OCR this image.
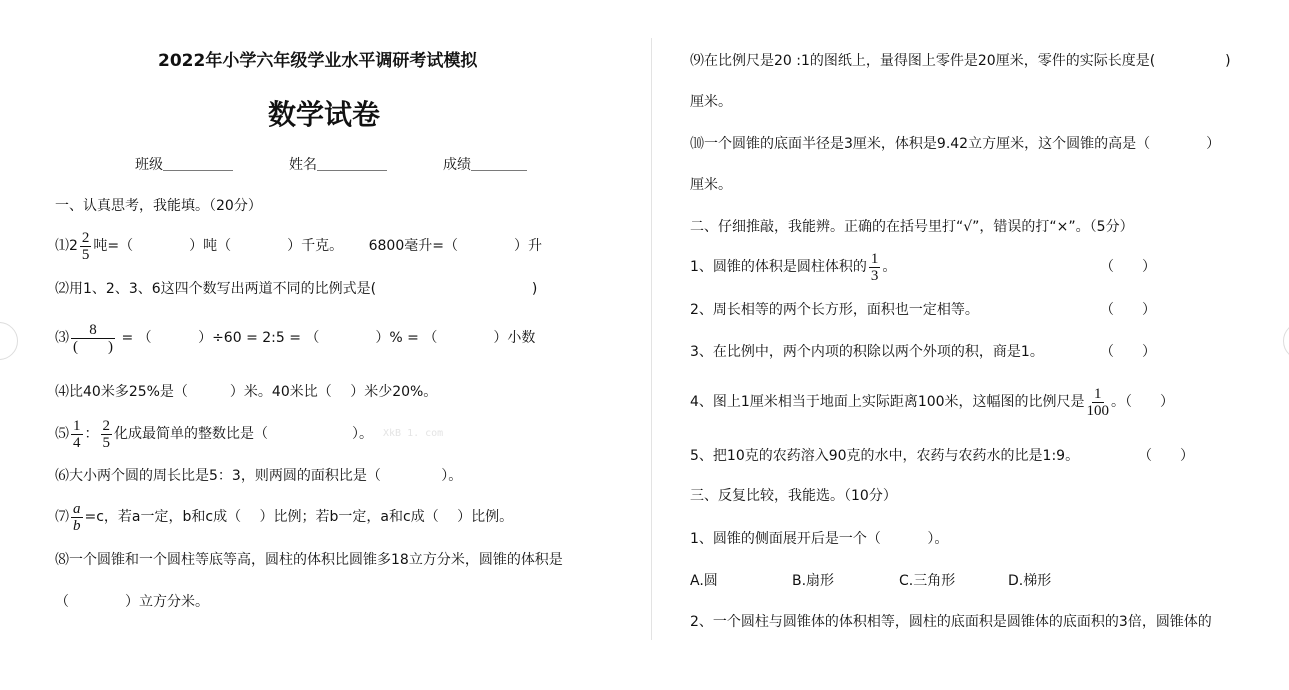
2022年小学六年级学业水平调研考试模拟
数学试卷
班级＿＿＿＿＿	姓名＿＿＿＿＿	成绩＿＿＿＿
一、认真思考，我能填。（20分）
⑴2 $\frac{2}{5}$ 吨=（　　　　）吨（　　　　）千克。　　 6800毫升=（　　　　）升
⑵用1、2、3、6这四个数写出两道不同的比例式是(                                   )
⑶
8
(　　)
= （　　　 ）÷60 = 2:5 = （　　　　）% = （　　　　）小数
⑷比40米多25%是（　　　）米。40米比（　 ）米少20%。
⑸ $\frac{1}{4}$ ： $\frac{2}{5}$ 化成最简单的整数比是（　　　　　　）。 XkB 1. com
⑹大小两个圆的周长比是5：3，则两圆的面积比是（　　　　 ）。
⑺ $\frac{a}{b} =c$，若a一定，b和c成（　 ）比例；若b一定，a和c成（　 ）比例。
⑻一个圆锥和一个圆柱等底等高，圆柱的体积比圆锥多18立方分米，圆锥的体积是
（　　　　）立方分米。
⑼在比例尺是20 :1的图纸上，量得图上零件是20厘米，零件的实际长度是(　　　　　)
厘米。
⑽一个圆锥的底面半径是3厘米，体积是9.42立方厘米，这个圆锥的高是（　　　　）
厘米。
二、仔细推敲，我能辨。正确的在括号里打“√”，错误的打“×”。（5分）
1、圆锥的体积是圆柱体积的 $\frac{1}{3}$ 。	（　　）
2、周长相等的两个长方形，面积也一定相等。	（　　）
3、在比例中，两个内项的积除以两个外项的积，商是1。	（　　）
4、图上1厘米相当于地面上实际距离100米，这幅图的比例尺是 $\frac{1}{100}$ 。（　　）
5、把10克的农药溶入90克的水中，农药与农药水的比是1:9。	（　　）
三、反复比较，我能选。（10分）
1、圆锥的侧面展开后是一个（　　　 ）。
A.圆	B.扇形	C.三角形	D.梯形
2、一个圆柱与圆锥体的体积相等，圆柱的底面积是圆锥体的底面积的3倍，圆锥体的
